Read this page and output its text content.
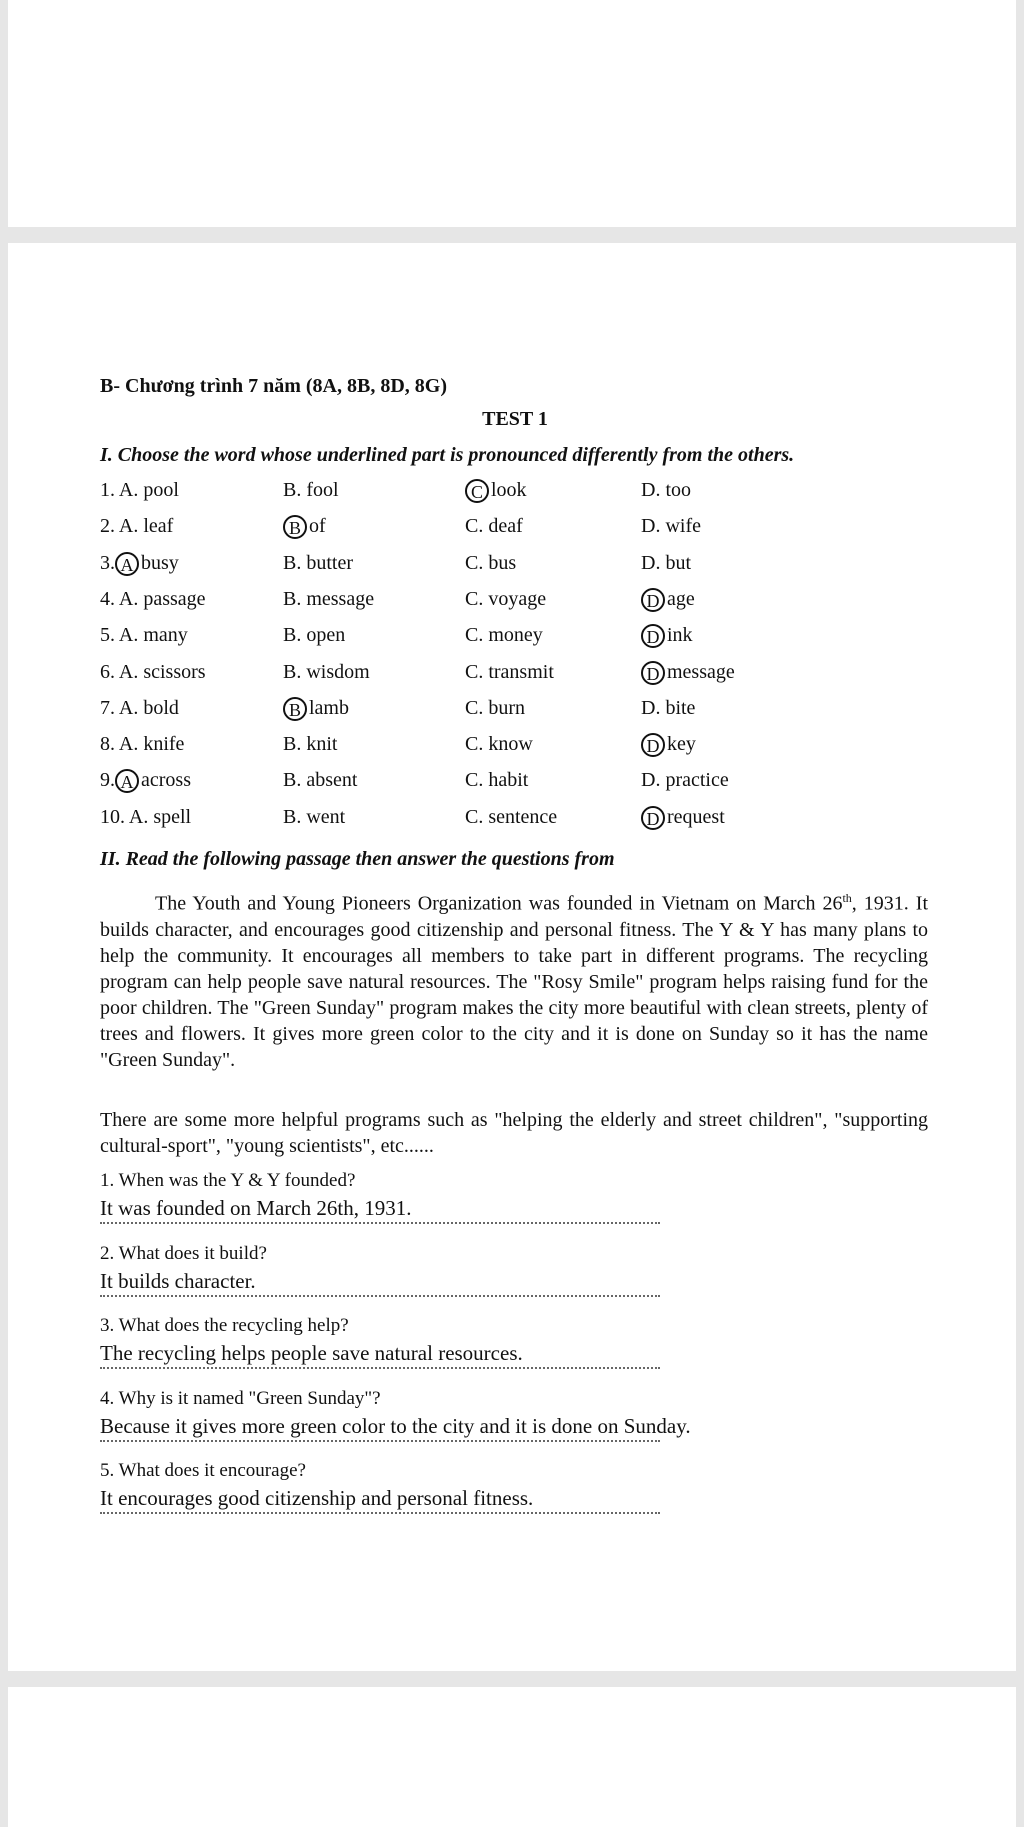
B- Chương trình 7 năm (8A, 8B, 8D, 8G)
TEST 1
I. Choose the word whose underlined part is pronounced differently from the others.
1. A. pool	B. fool	C look	D. too
2. A. leaf	B of	C. deaf	D. wife
3. A busy	B. butter	C. bus	D. but
4. A. passage	B. message	C. voyage	D age
5. A. many	B. open	C. money	D ink
6. A. scissors	B. wisdom	C. transmit	D message
7. A. bold	B lamb	C. burn	D. bite
8. A. knife	B. knit	C. know	D key
9. A across	B. absent	C. habit	D. practice
10. A. spell	B. went	C. sentence	D request
II. Read the following passage then answer the questions from
The Youth and Young Pioneers Organization was founded in Vietnam on March 26th, 1931. It builds character, and encourages good citizenship and personal fitness. The Y & Y has many plans to help the community. It encourages all members to take part in different programs. The recycling program can help people save natural resources. The "Rosy Smile" program helps raising fund for the poor children. The "Green Sunday" program makes the city more beautiful with clean streets, plenty of trees and flowers. It gives more green color to the city and it is done on Sunday so it has the name "Green Sunday".
There are some more helpful programs such as "helping the elderly and street children", "supporting cultural-sport", "young scientists", etc......
1. When was the Y & Y founded?
It was founded on March 26th, 1931.
2. What does it build?
It builds character.
3. What does the recycling help?
The recycling helps people save natural resources.
4. Why is it named "Green Sunday"?
Because it gives more green color to the city and it is done on Sunday.
5. What does it encourage?
It encourages good citizenship and personal fitness.
